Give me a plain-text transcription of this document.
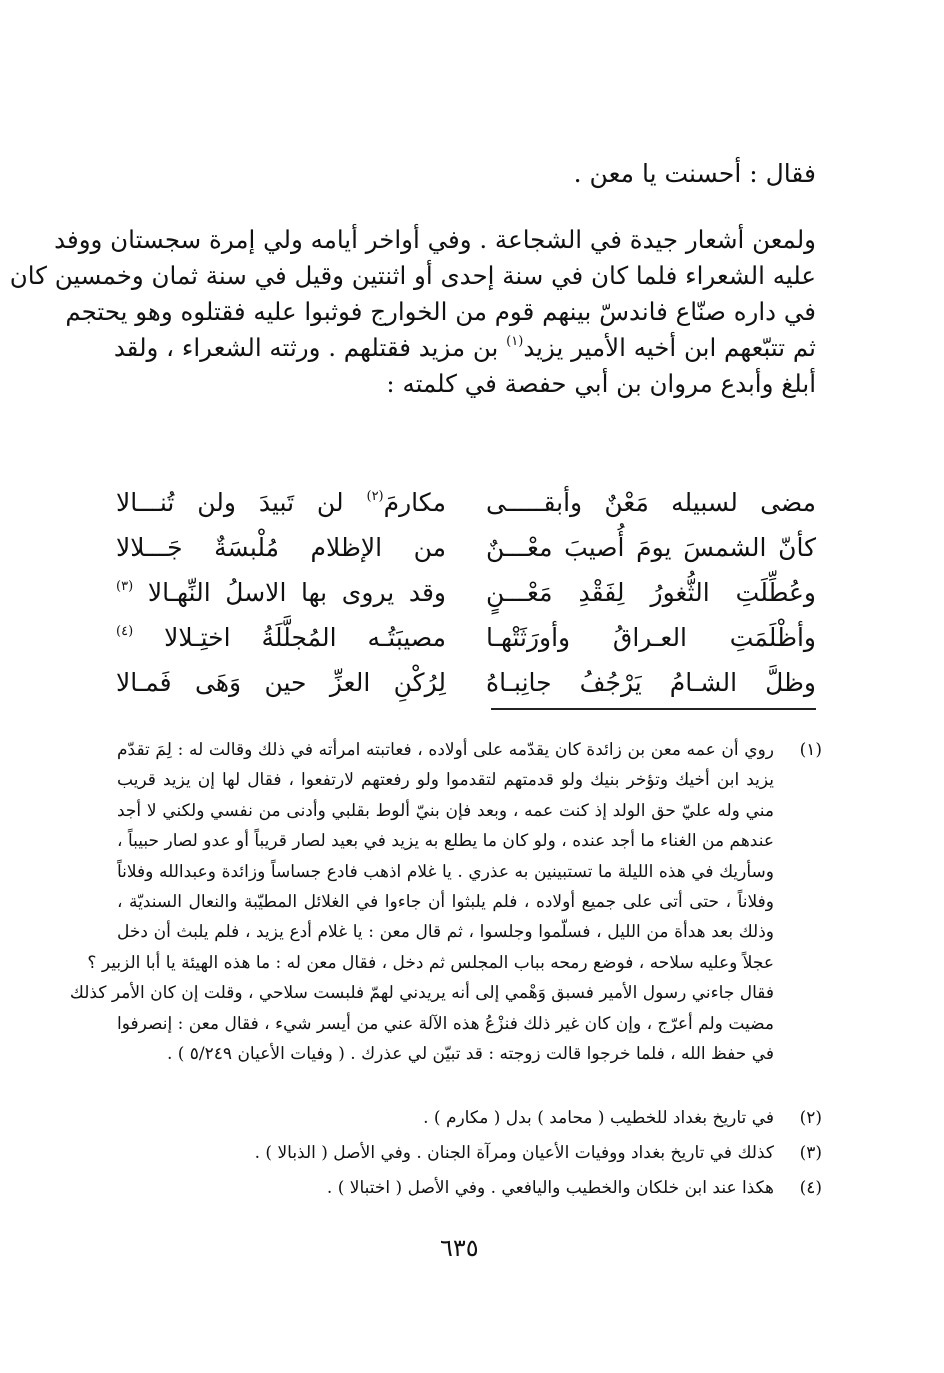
فقال : أحسنت يا معن .
ولمعن أشعار جيدة في الشجاعة . وفي أواخر أيامه ولي إمرة سجستان ووفد
عليه الشعراء فلما كان في سنة إحدى أو اثنتين وقيل في سنة ثمان وخمسين كان
في داره صنّاع فاندسّ بينهم قوم من الخوارج فوثبوا عليه فقتلوه وهو يحتجم
ثم تتبّعهم ابن أخيه الأمير يزيد$^{(١)}$ بن مزيد فقتلهم . ورثته الشعراء ، ولقد
أبلغ وأبدع مروان بن أبي حفصة في كلمته :
مضى لسبيله مَعْنٌ وأبقـــــى
مكارمَ$^{(٢)}$ لن تَبيدَ ولن تُنـــالا
كأنّ الشمسَ يومَ أُصيبَ معْـــنٌ
من الإظلام مُلْبسَةٌ جَـــلالا
وعُطِّلَتِ الثُّغورُ لِفَقْدِ مَعْـــنٍ
وقد يروى بها الاسلُ النِّهـالا $^{(٣)}$
وأظْلَمَتِ العـراقُ وأورَثَتْهـا
مصيبَتُـه المُجلَّلَةُ اختِـلالا $^{(٤)}$
وظلَّ الشـامُ يَرْجُفُ جانِبـاهُ
لِرُكْنِ العزِّ حين وَهَى فَمـالا
(١)
روي أن عمه معن بن زائدة كان يقدّمه على أولاده ، فعاتبته امرأته في ذلك وقالت له : لِمَ تقدّم
يزيد ابن أخيك وتؤخر بنيك ولو قدمتهم لتقدموا ولو رفعتهم لارتفعوا ، فقال لها إن يزيد قريب
مني وله عليّ حق الولد إذ كنت عمه ، وبعد فإن بنيّ ألوط بقلبي وأدنى من نفسي ولكني لا أجد
عندهم من الغناء ما أجد عنده ، ولو كان ما يطلع به يزيد في بعيد لصار قريباً أو عدو لصار حبيباً ،
وسأريك في هذه الليلة ما تستبينين به عذري . يا غلام اذهب فادع جساساً وزائدة وعبدالله وفلاناً
وفلاناً ، حتى أتى على جميع أولاده ، فلم يلبثوا أن جاءوا في الغلائل المطيّبة والنعال السنديّة ،
وذلك بعد هدأة من الليل ، فسلّموا وجلسوا ، ثم قال معن : يا غلام أدع يزيد ، فلم يلبث أن دخل
عجلاً وعليه سلاحه ، فوضع رمحه بباب المجلس ثم دخل ، فقال معن له : ما هذه الهيئة يا أبا الزبير ؟
فقال جاءني رسول الأمير فسبق وَهْمي إلى أنه يريدني لهمّ فلبست سلاحي ، وقلت إن كان الأمر كذلك
مضيت ولم أعرّج ، وإن كان غير ذلك فنزْعُ هذه الآلة عني من أيسر شيء ، فقال معن : إنصرفوا
في حفظ الله ، فلما خرجوا قالت زوجته : قد تبيّن لي عذرك . ( وفيات الأعيان ٥/٢٤٩ ) .
(٢)في تاريخ بغداد للخطيب ( محامد ) بدل ( مكارم ) .
(٣)كذلك في تاريخ بغداد ووفيات الأعيان ومرآة الجنان . وفي الأصل ( الذبالا ) .
(٤)هكذا عند ابن خلكان والخطيب واليافعي . وفي الأصل ( اختبالا ) .
٦٣٥
